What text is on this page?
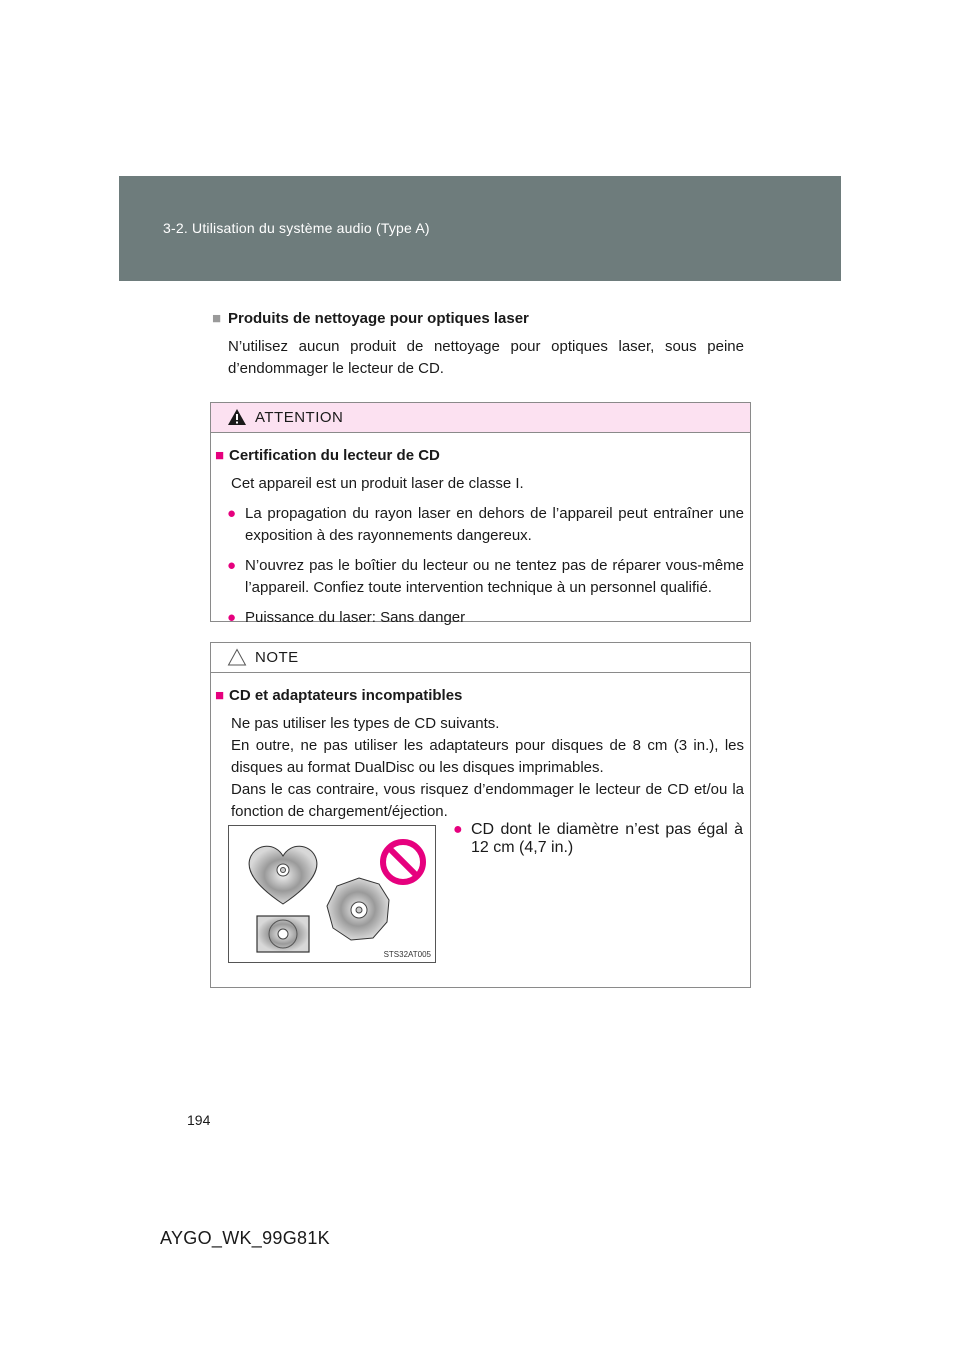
3-2. Utilisation du système audio (Type A)
■ Produits de nettoyage pour optiques laser
N’utilisez aucun produit de nettoyage pour optiques laser, sous peine d’endommager le lecteur de CD.
ATTENTION
■ Certification du lecteur de CD
Cet appareil est un produit laser de classe I.
● La propagation du rayon laser en dehors de l’appareil peut entraîner une exposition à des rayonnements dangereux.
● N’ouvrez pas le boîtier du lecteur ou ne tentez pas de réparer vous-même l’appareil. Confiez toute intervention technique à un personnel qualifié.
● Puissance du laser: Sans danger
NOTE
■ CD et adaptateurs incompatibles
Ne pas utiliser les types de CD suivants.
En outre, ne pas utiliser les adaptateurs pour disques de 8 cm (3 in.), les disques au format DualDisc ou les disques imprimables.
Dans le cas contraire, vous risquez d’endommager le lecteur de CD et/ou la fonction de chargement/éjection.
STS32AT005
● CD dont le diamètre n’est pas égal à 12 cm (4,7 in.)
194
AYGO_WK_99G81K
